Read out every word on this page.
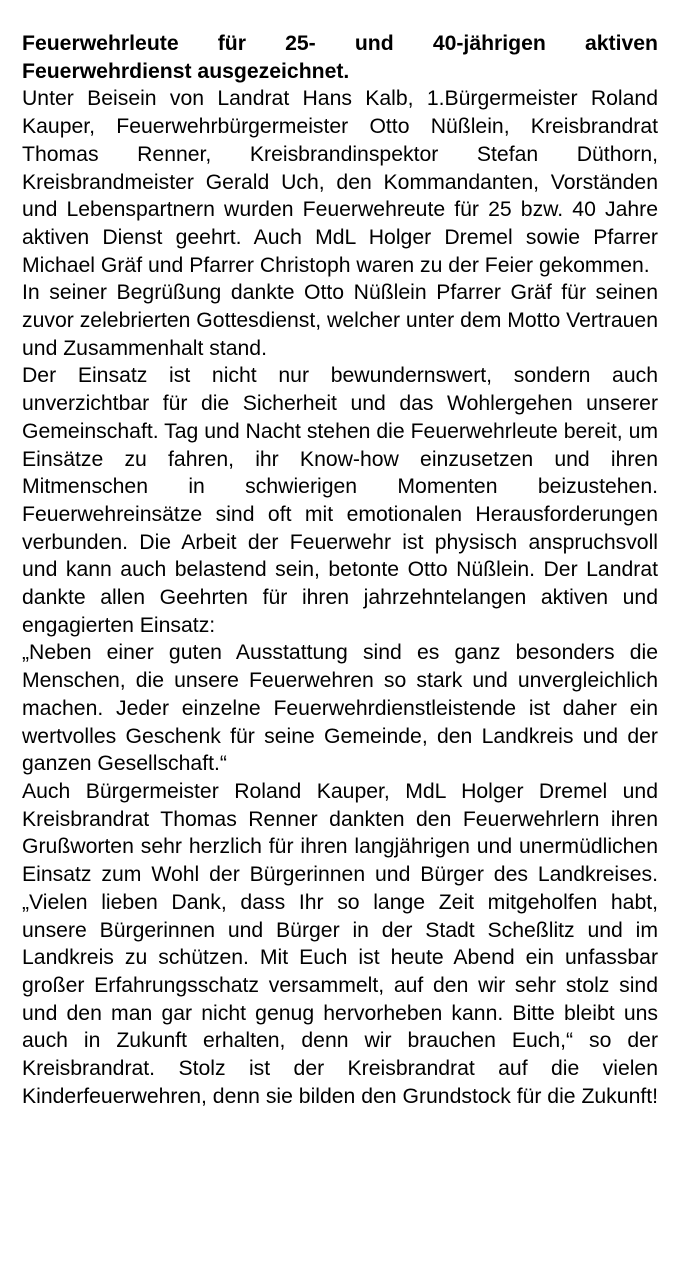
Feuerwehrleute für 25- und 40-jährigen aktiven Feuerwehrdienst ausgezeichnet.

Unter Beisein von Landrat Hans Kalb, 1.Bürgermeister Roland Kauper, Feuerwehrbürgermeister Otto Nüßlein, Kreisbrandrat Thomas Renner, Kreisbrandinspektor Stefan Düthorn, Kreisbrandmeister Gerald Uch, den Kommandanten, Vorständen und Lebenspartnern wurden Feuerwehreute für 25 bzw. 40 Jahre aktiven Dienst geehrt. Auch MdL Holger Dremel sowie Pfarrer Michael Gräf und Pfarrer Christoph waren zu der Feier gekommen.

In seiner Begrüßung dankte Otto Nüßlein Pfarrer Gräf für seinen zuvor zelebrierten Gottesdienst, welcher unter dem Motto Vertrauen und Zusammenhalt stand.

Der Einsatz ist nicht nur bewundernswert, sondern auch unverzichtbar für die Sicherheit und das Wohlergehen unserer Gemeinschaft. Tag und Nacht stehen die Feuerwehrleute bereit, um Einsätze zu fahren, ihr Know-how einzusetzen und ihren Mitmenschen in schwierigen Momenten beizustehen. Feuerwehreinsätze sind oft mit emotionalen Herausforderungen verbunden. Die Arbeit der Feuerwehr ist physisch anspruchsvoll und kann auch belastend sein, betonte Otto Nüßlein. Der Landrat dankte allen Geehrten für ihren jahrzehntelangen aktiven und engagierten Einsatz:

„Neben einer guten Ausstattung sind es ganz besonders die Menschen, die unsere Feuerwehren so stark und unvergleichlich machen. Jeder einzelne Feuerwehrdienstleistende ist daher ein wertvolles Geschenk für seine Gemeinde, den Landkreis und der ganzen Gesellschaft.“

Auch Bürgermeister Roland Kauper, MdL Holger Dremel und Kreisbrandrat Thomas Renner dankten den Feuerwehrlern ihren Grußworten sehr herzlich für ihren langjährigen und unermüdlichen Einsatz zum Wohl der Bürgerinnen und Bürger des Landkreises. „Vielen lieben Dank, dass Ihr so lange Zeit mitgeholfen habt, unsere Bürgerinnen und Bürger in der Stadt Scheßlitz und im Landkreis zu schützen. Mit Euch ist heute Abend ein unfassbar großer Erfahrungsschatz versammelt, auf den wir sehr stolz sind und den man gar nicht genug hervorheben kann. Bitte bleibt uns auch in Zukunft erhalten, denn wir brauchen Euch,“ so der Kreisbrandrat. Stolz ist der Kreisbrandrat auf die vielen Kinderfeuerwehren, denn sie bilden den Grundstock für die Zukunft!
